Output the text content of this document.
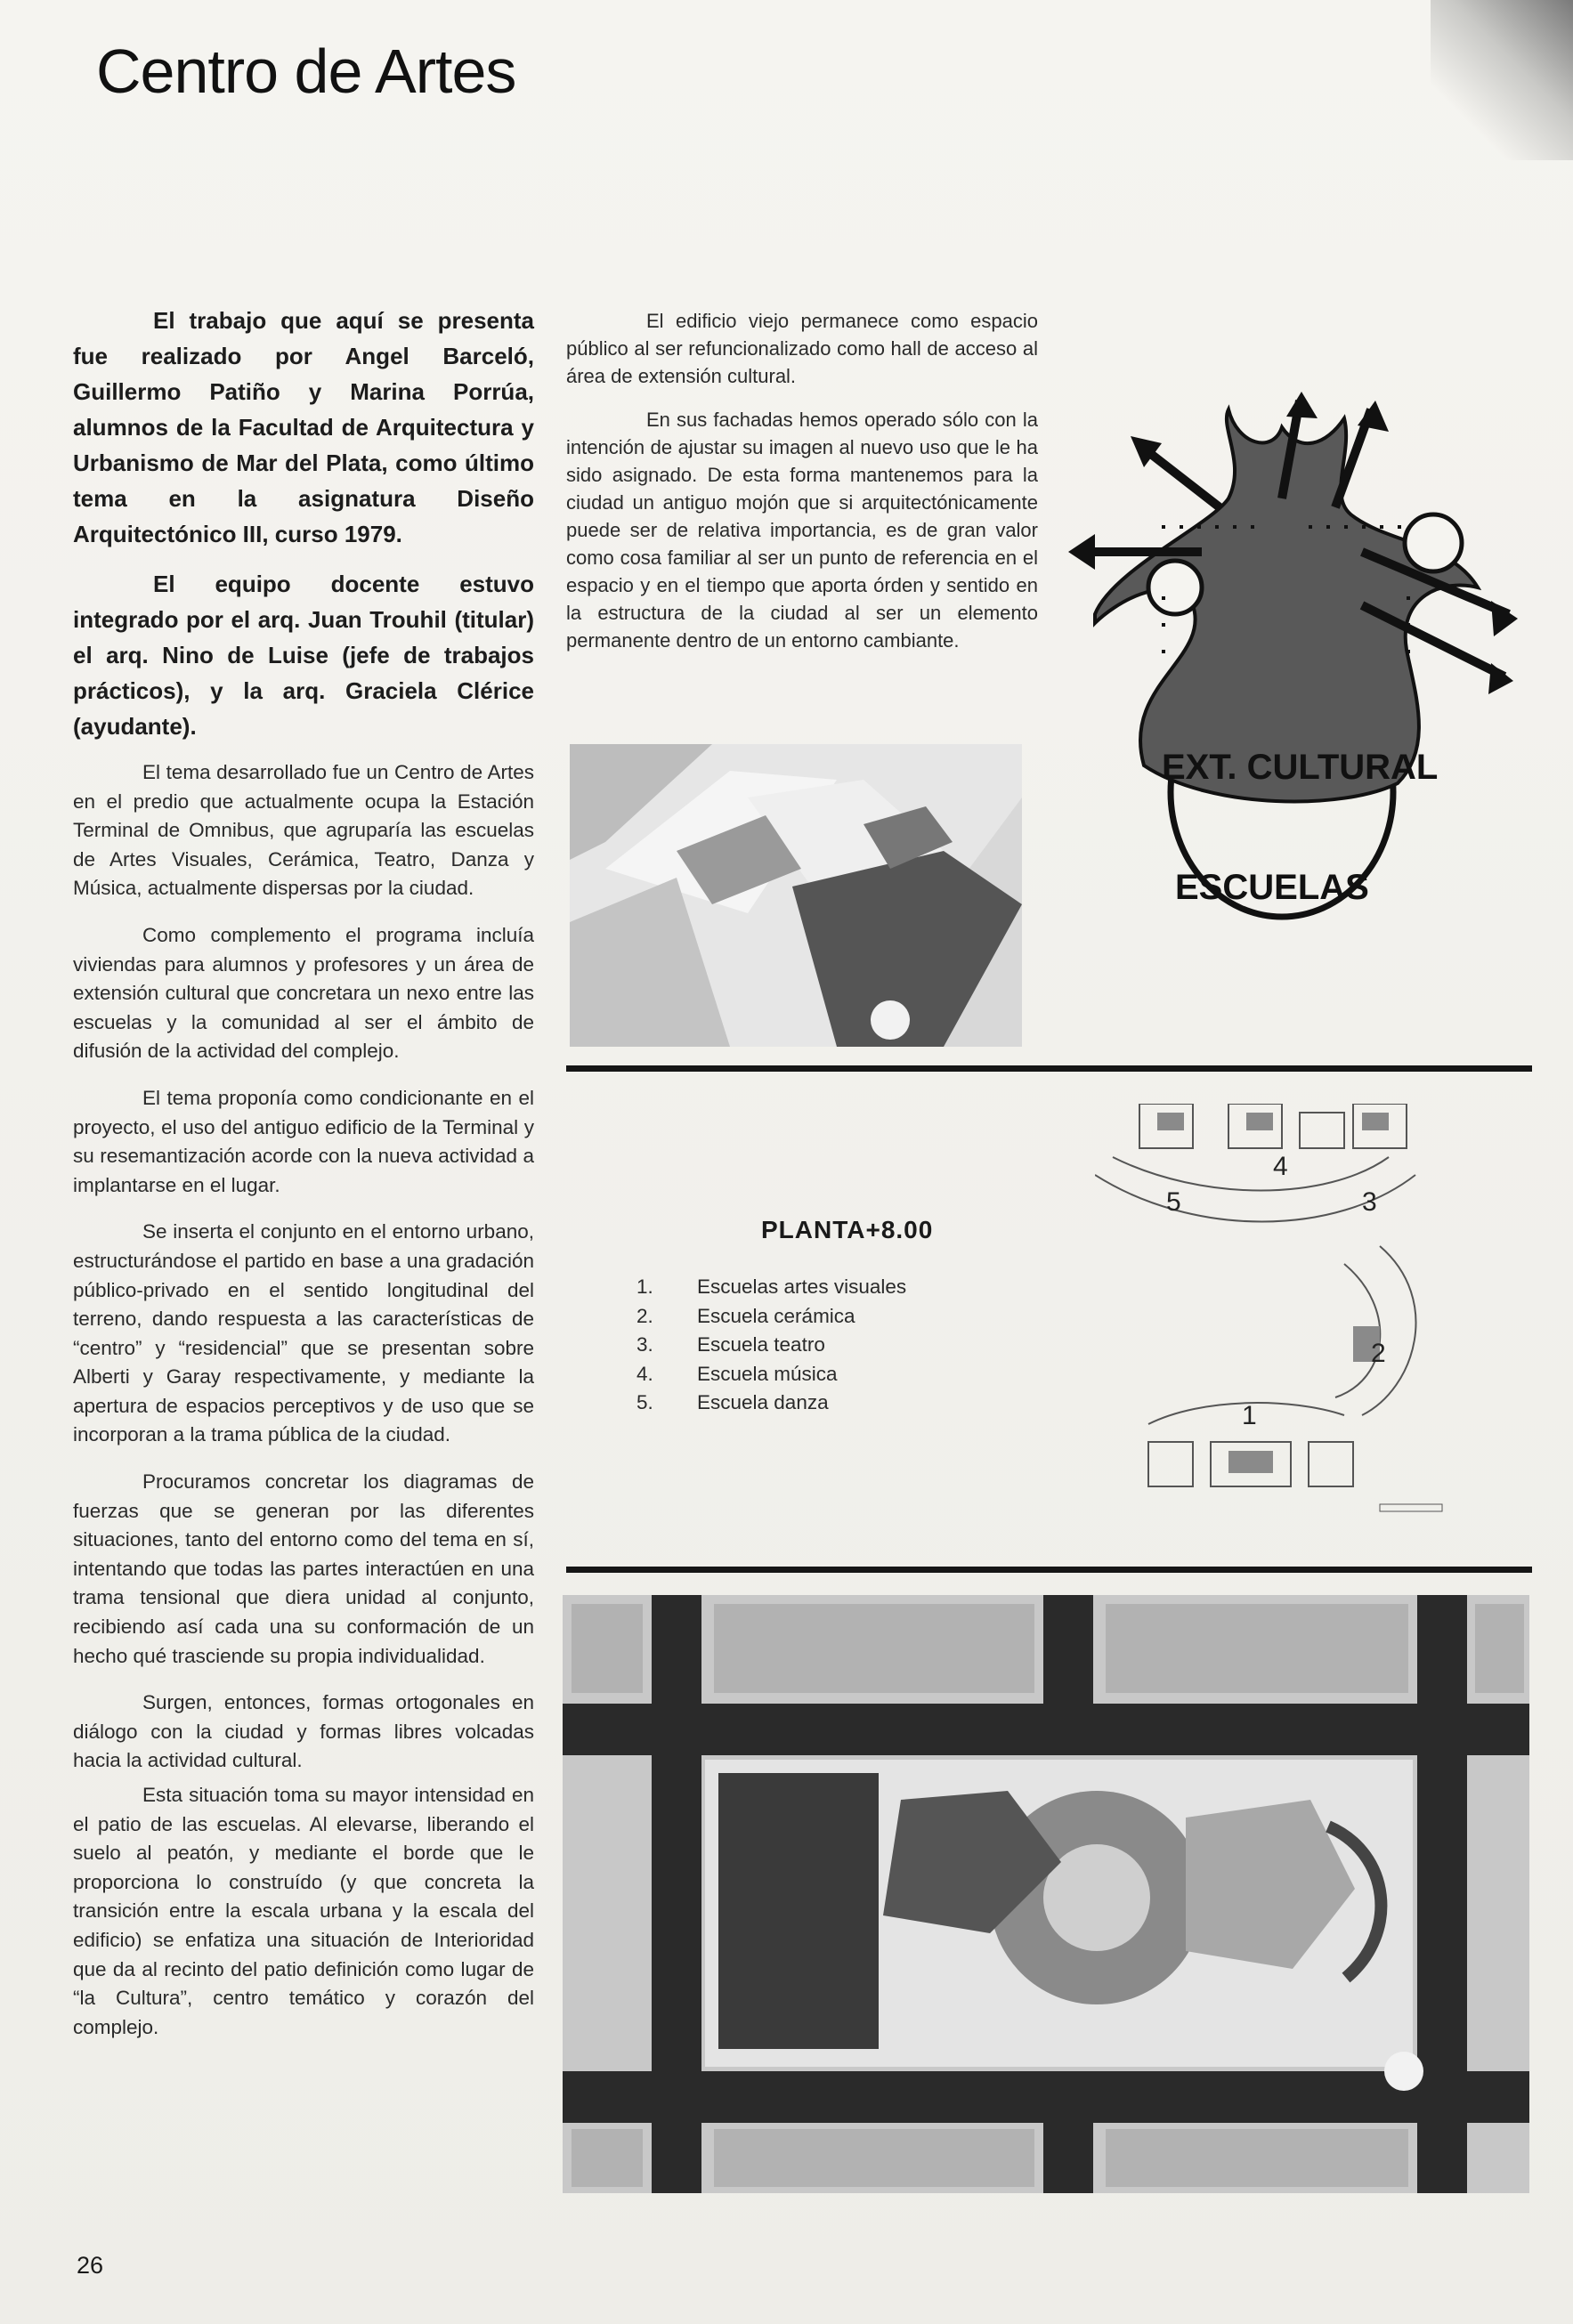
Centro de Artes

El trabajo que aquí se presenta fue realizado por Angel Barceló, Guillermo Patiño y Marina Porrúa, alumnos de la Facultad de Arquitectura y Urbanismo de Mar del Plata, como último tema en la asignatura Diseño Arquitectónico III, curso 1979.

El equipo docente estuvo integrado por el arq. Juan Trouhil (titular) el arq. Nino de Luise (jefe de trabajos prácticos), y la arq. Graciela Clérice (ayudante).

El tema desarrollado fue un Centro de Artes en el predio que actualmente ocupa la Estación Terminal de Omnibus, que agruparía las escuelas de Artes Visuales, Cerámica, Teatro, Danza y Música, actualmente dispersas por la ciudad.

Como complemento el programa incluía viviendas para alumnos y profesores y un área de extensión cultural que concretara un nexo entre las escuelas y la comunidad al ser el ámbito de difusión de la actividad del complejo.

El tema proponía como condicionante en el proyecto, el uso del antiguo edificio de la Terminal y su resemantización acorde con la nueva actividad a implantarse en el lugar.

Se inserta el conjunto en el entorno urbano, estructurándose el partido en base a una gradación público-privado en el sentido longitudinal del terreno, dando respuesta a las características de “centro” y “residencial” que se presentan sobre Alberti y Garay respectivamente, y mediante la apertura de espacios perceptivos y de uso que se incorporan a la trama pública de la ciudad.

Procuramos concretar los diagramas de fuerzas que se generan por las diferentes situaciones, tanto del entorno como del tema en sí, intentando que todas las partes interactúen en una trama tensional que diera unidad al conjunto, recibiendo así cada una su conformación de un hecho qué trasciende su propia individualidad.

Surgen, entonces, formas ortogonales en diálogo con la ciudad y formas libres volcadas hacia la actividad cultural.

Esta situación toma su mayor intensidad en el patio de las escuelas. Al elevarse, liberando el suelo al peatón, y mediante el borde que le proporciona lo construído (y que concreta la transición entre la escala urbana y la escala del edificio) se enfatiza una situación de Interioridad que da al recinto del patio definición como lugar de “la Cultura”, centro temático y corazón del complejo.

El edificio viejo permanece como espacio público al ser refuncionalizado como hall de acceso al área de extensión cultural.

En sus fachadas hemos operado sólo con la intención de ajustar su imagen al nuevo uso que le ha sido asignado. De esta forma mantenemos para la ciudad un antiguo mojón que si arquitectónicamente puede ser de relativa importancia, es de gran valor como cosa familiar al ser un punto de referencia en el espacio y en el tiempo que aporta órden y sentido en la estructura de la ciudad al ser un elemento permanente dentro de un entorno cambiante.

EXT. CULTURAL
ESCUELAS
PLANTA+8.00
1. Escuelas artes visuales
2. Escuela cerámica
3. Escuela teatro
4. Escuela música
5. Escuela danza
5
4
3
2
1

26
